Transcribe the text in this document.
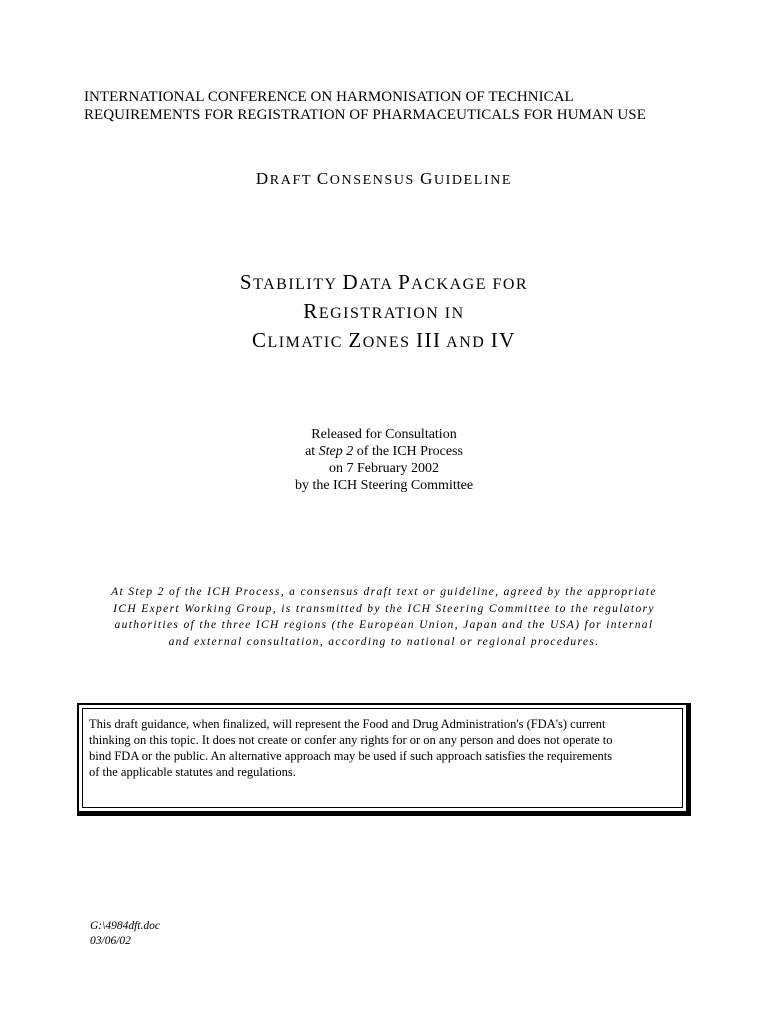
INTERNATIONAL CONFERENCE ON HARMONISATION OF TECHNICAL
REQUIREMENTS FOR REGISTRATION OF PHARMACEUTICALS FOR HUMAN USE
DRAFT CONSENSUS GUIDELINE
STABILITY DATA PACKAGE FOR
REGISTRATION IN
CLIMATIC ZONES III AND IV
Released for Consultation
at Step 2 of the ICH Process
on 7 February 2002
by the ICH Steering Committee
At Step 2 of the ICH Process, a consensus draft text or guideline, agreed by the appropriate
ICH Expert Working Group, is transmitted by the ICH Steering Committee to the regulatory
authorities of the three ICH regions (the European Union, Japan and the USA) for internal
and external consultation, according to national or regional procedures.
This draft guidance, when finalized, will represent the Food and Drug Administration's (FDA's) current
thinking on this topic. It does not create or confer any rights for or on any person and does not operate to
bind FDA or the public. An alternative approach may be used if such approach satisfies the requirements
of the applicable statutes and regulations.
G:\4984dft.doc
03/06/02
